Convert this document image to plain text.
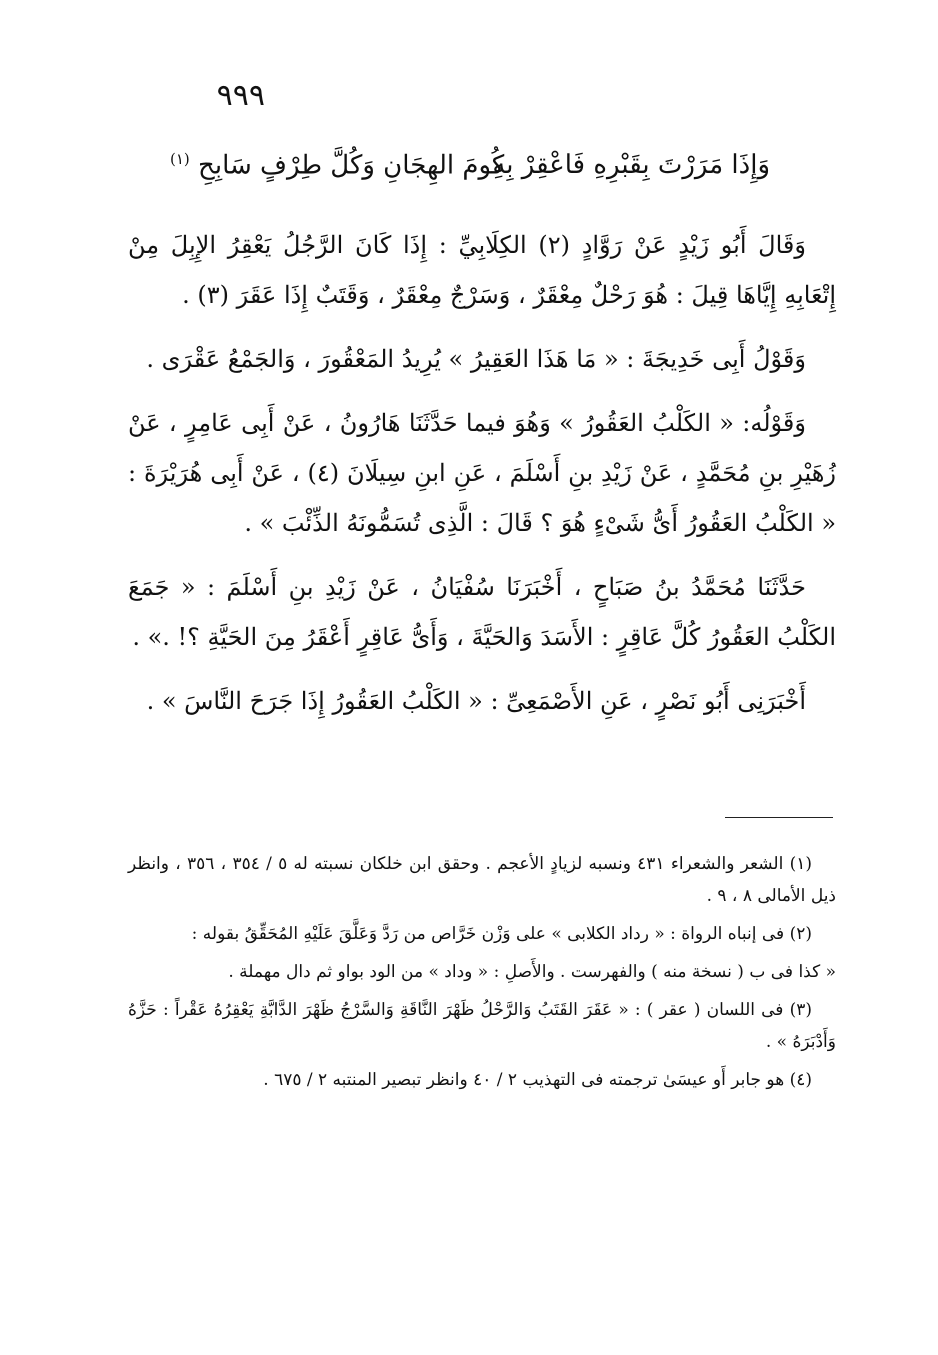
٩٩٩
وَإِذَا مَرَرْتَ بِقَبْرِهِ فَاعْقِرْ بِهِ
كُومَ الهِجَانِ وَكُلَّ طِرْفٍ سَابِحِ $^{(١)}$

وَقَالَ أَبُو زَيْدٍ عَنْ رَوَّادٍ (٢) الكِلَابِيِّ : إِذَا كَانَ الرَّجُلُ يَعْقِرُ الإِبِلَ مِنْ إِتْعَابِهِ إِيَّاهَا قِيلَ : هُوَ رَحْلٌ مِعْقَرٌ ، وَسَرْجٌ مِعْقَرٌ ، وَقَتَبٌ إِذَا عَقَرَ (٣) .

وَقَوْلُ أَبِى خَدِيجَةَ : « مَا هَذَا العَقِيرُ » يُرِيدُ المَعْقُورَ ، وَالجَمْعُ عَقْرَى .

وَقَوْلُه: « الكَلْبُ العَقُورُ » وَهُوَ فيما حَدَّثَنَا هَارُونُ ، عَنْ أَبِى عَامِرٍ ، عَنْ زُهَيْرِ بنِ مُحَمَّدٍ ، عَنْ زَيْدِ بنِ أَسْلَمَ ، عَنِ ابنِ سِيلَانَ (٤) ، عَنْ أَبِى هُرَيْرَةَ : « الكَلْبُ العَقُورُ أَىُّ شَىْءٍ هُوَ ؟ قَالَ : الَّذِى تُسَمُّونَهُ الذِّئْبَ » .

حَدَّثَنَا مُحَمَّدُ بنُ صَبَاحٍ ، أَخْبَرَنَا سُفْيَانُ ، عَنْ زَيْدِ بنِ أَسْلَمَ : « جَمَعَ الكَلْبُ العَقُورُ كُلَّ عَاقِرٍ : الأَسَدَ وَالحَيَّةَ ، وَأَىُّ عَاقِرٍ أَعْقَرُ مِنَ الحَيَّةِ ؟! .» .

أَخْبَرَنِى أَبُو نَصْرٍ ، عَنِ الأَصْمَعِىِّ : « الكَلْبُ العَقُورُ إِذَا جَرَحَ النَّاسَ » .

(١) الشعر والشعراء ٤٣١ ونسبه لزيادٍ الأعجم . وحقق ابن خلكان نسبته له ٥ / ٣٥٤ ، ٣٥٦ ، وانظر ذيل الأمالى ٨ ، ٩ .

(٢) فى إنباه الرواة : « رداد الكلابى » على وَزْن خَرَّاص من رَدَّ وَعَلَّقَ عَلَيْهِ المُحَقِّقُ بقوله :

« كذا فى ب ( نسخة منه ) والفهرست . والأَصلِ : « وداد » من الود بواو ثم دال مهملة .

(٣) فى اللسان ( عقر ) : « عَقَرَ القَتَبُ وَالرَّحْلُ ظَهْرَ النَّاقَةِ وَالسَّرْجُ ظَهْرَ الدَّابَّةِ يَعْقِرُهُ عَقْراً : حَزَّهُ وَأَدْبَرَهُ » .

(٤) هو جابر أَو عيسَىٰ ترجمته فى التهذيب ٢ / ٤٠ وانظر تبصير المنتبه ٢ / ٦٧٥ .
